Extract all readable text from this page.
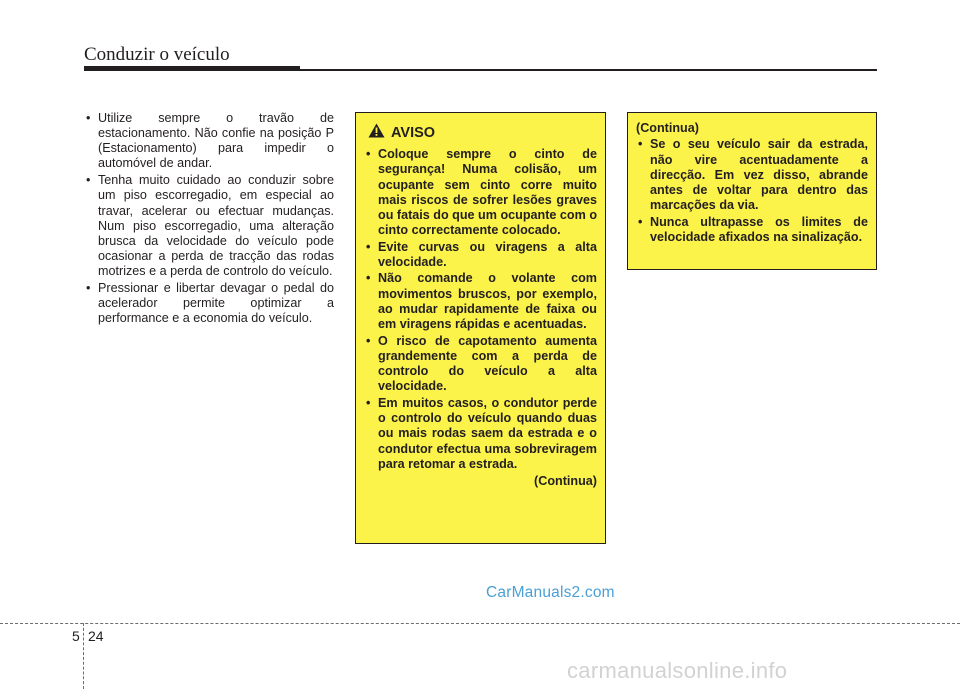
Conduzir o veículo
• Utilize sempre o travão de estacionamento. Não confie na posição P (Estacionamento) para impedir o automóvel de andar.
• Tenha muito cuidado ao conduzir sobre um piso escorregadio, em especial ao travar, acelerar ou efectuar mudanças. Num piso escorregadio, uma alteração brusca da velocidade do veículo pode ocasionar a perda de tracção das rodas motrizes e a perda de controlo do veículo.
• Pressionar e libertar devagar o pedal do acelerador permite optimizar a performance e a economia do veículo.
AVISO
• Coloque sempre o cinto de segurança! Numa colisão, um ocupante sem cinto corre muito mais riscos de sofrer lesões graves ou fatais do que um ocupante com o cinto correctamente colocado.
• Evite curvas ou viragens a alta velocidade.
• Não comande o volante com movimentos bruscos, por exemplo, ao mudar rapidamente de faixa ou em viragens rápidas e acentuadas.
• O risco de capotamento aumenta grandemente com a perda de controlo do veículo a alta velocidade.
• Em muitos casos, o condutor perde o controlo do veículo quando duas ou mais rodas saem da estrada e o condutor efectua uma sobreviragem para retomar a estrada.
(Continua)
(Continua)
• Se o seu veículo sair da estrada, não vire acentuadamente a direcção. Em vez disso, abrande antes de voltar para dentro das marcações da via.
• Nunca ultrapasse os limites de velocidade afixados na sinalização.
CarManuals2.com
5 24
carmanualsonline.info
